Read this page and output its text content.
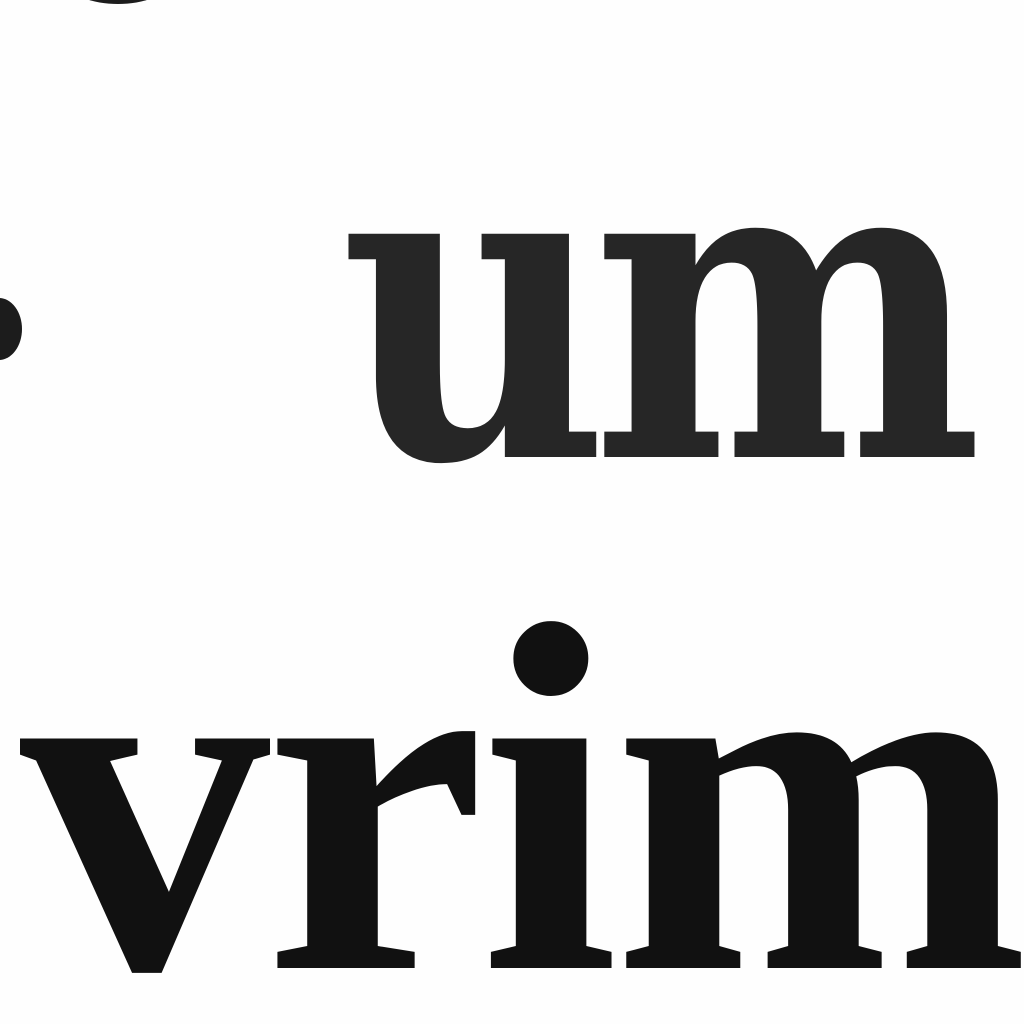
um

vrim
